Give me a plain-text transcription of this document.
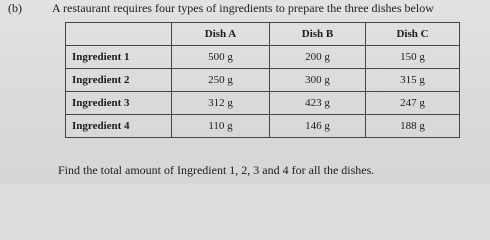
(b)	A restaurant requires four types of ingredients to prepare the three dishes below
	Dish A	Dish B	Dish C
Ingredient 1	500 g	200 g	150 g
Ingredient 2	250 g	300 g	315 g
Ingredient 3	312 g	423 g	247 g
Ingredient 4	110 g	146 g	188 g
Find the total amount of Ingredient 1, 2, 3 and 4 for all the dishes.
